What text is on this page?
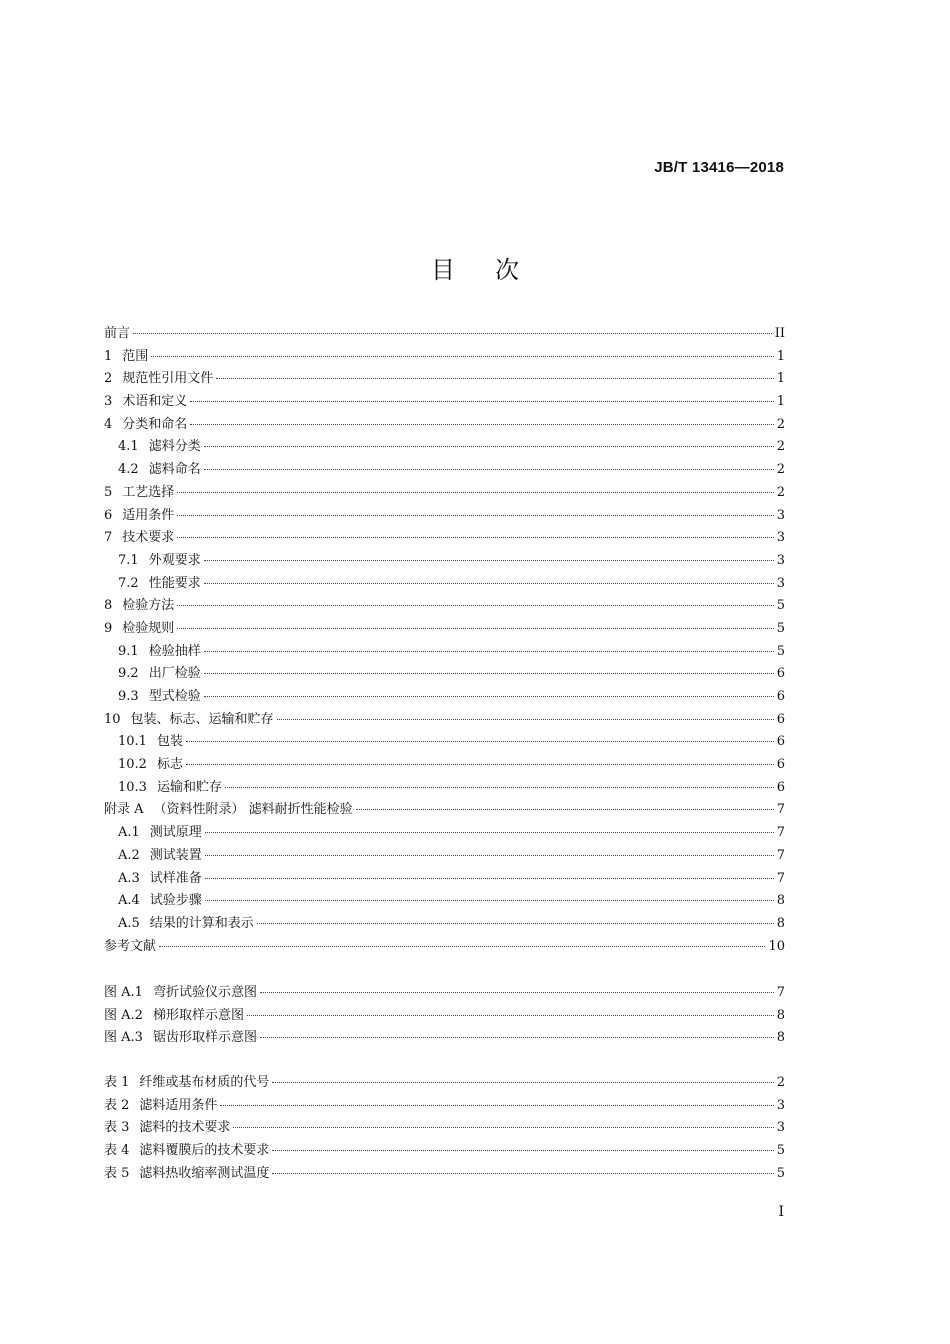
JB/T 13416—2018
目次
前言	II
1 范围	1
2 规范性引用文件	1
3 术语和定义	1
4 分类和命名	2
4.1 滤料分类	2
4.2 滤料命名	2
5 工艺选择	2
6 适用条件	3
7 技术要求	3
7.1 外观要求	3
7.2 性能要求	3
8 检验方法	5
9 检验规则	5
9.1 检验抽样	5
9.2 出厂检验	6
9.3 型式检验	6
10 包装、标志、运输和贮存	6
10.1 包装	6
10.2 标志	6
10.3 运输和贮存	6
附录 A （资料性附录） 滤料耐折性能检验	7
A.1 测试原理	7
A.2 测试装置	7
A.3 试样准备	7
A.4 试验步骤	8
A.5 结果的计算和表示	8
参考文献	10
图 A.1 弯折试验仪示意图	7
图 A.2 梯形取样示意图	8
图 A.3 锯齿形取样示意图	8
表 1 纤维或基布材质的代号	2
表 2 滤料适用条件	3
表 3 滤料的技术要求	3
表 4 滤料覆膜后的技术要求	5
表 5 滤料热收缩率测试温度	5
I
